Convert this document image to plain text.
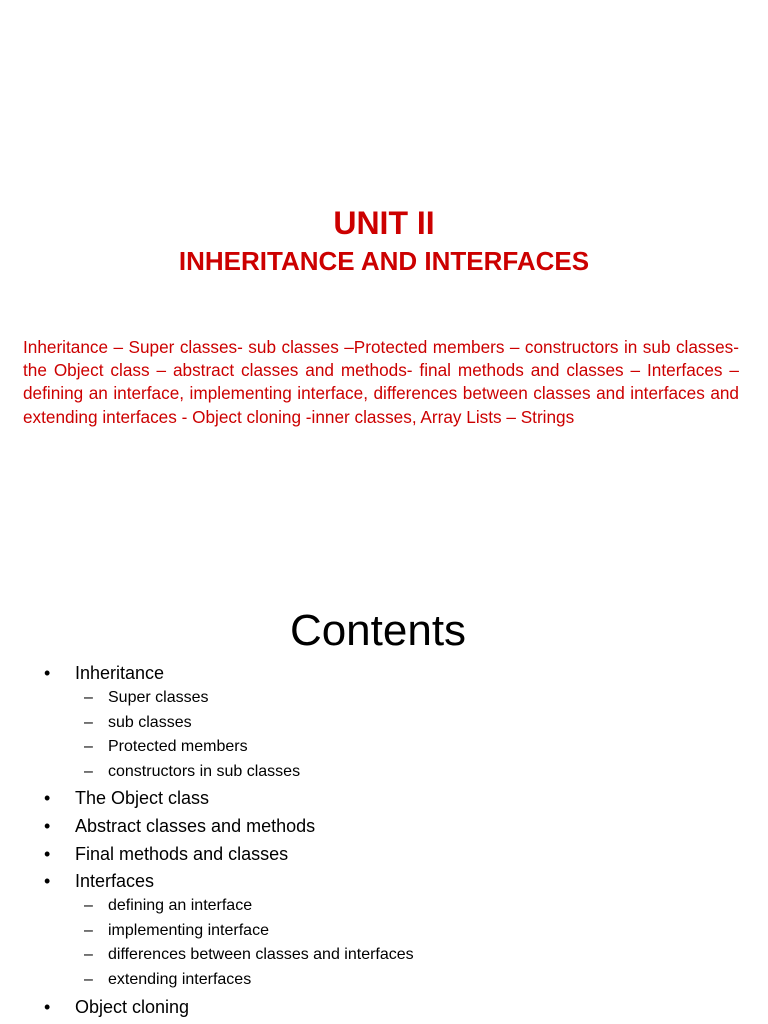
UNIT II
INHERITANCE AND INTERFACES

Inheritance – Super classes- sub classes –Protected members – constructors in sub classes- the Object class – abstract classes and methods- final methods and classes – Interfaces – defining an interface, implementing interface, differences between classes and interfaces and extending interfaces - Object cloning -inner classes, Array Lists – Strings

Contents
•	Inheritance
– Super classes
– sub classes
– Protected members
– constructors in sub classes
•	The Object class
•	Abstract classes and methods
•	Final methods and classes
•	Interfaces
– defining an interface
– implementing interface
– differences between classes and interfaces
– extending interfaces
•	Object cloning
